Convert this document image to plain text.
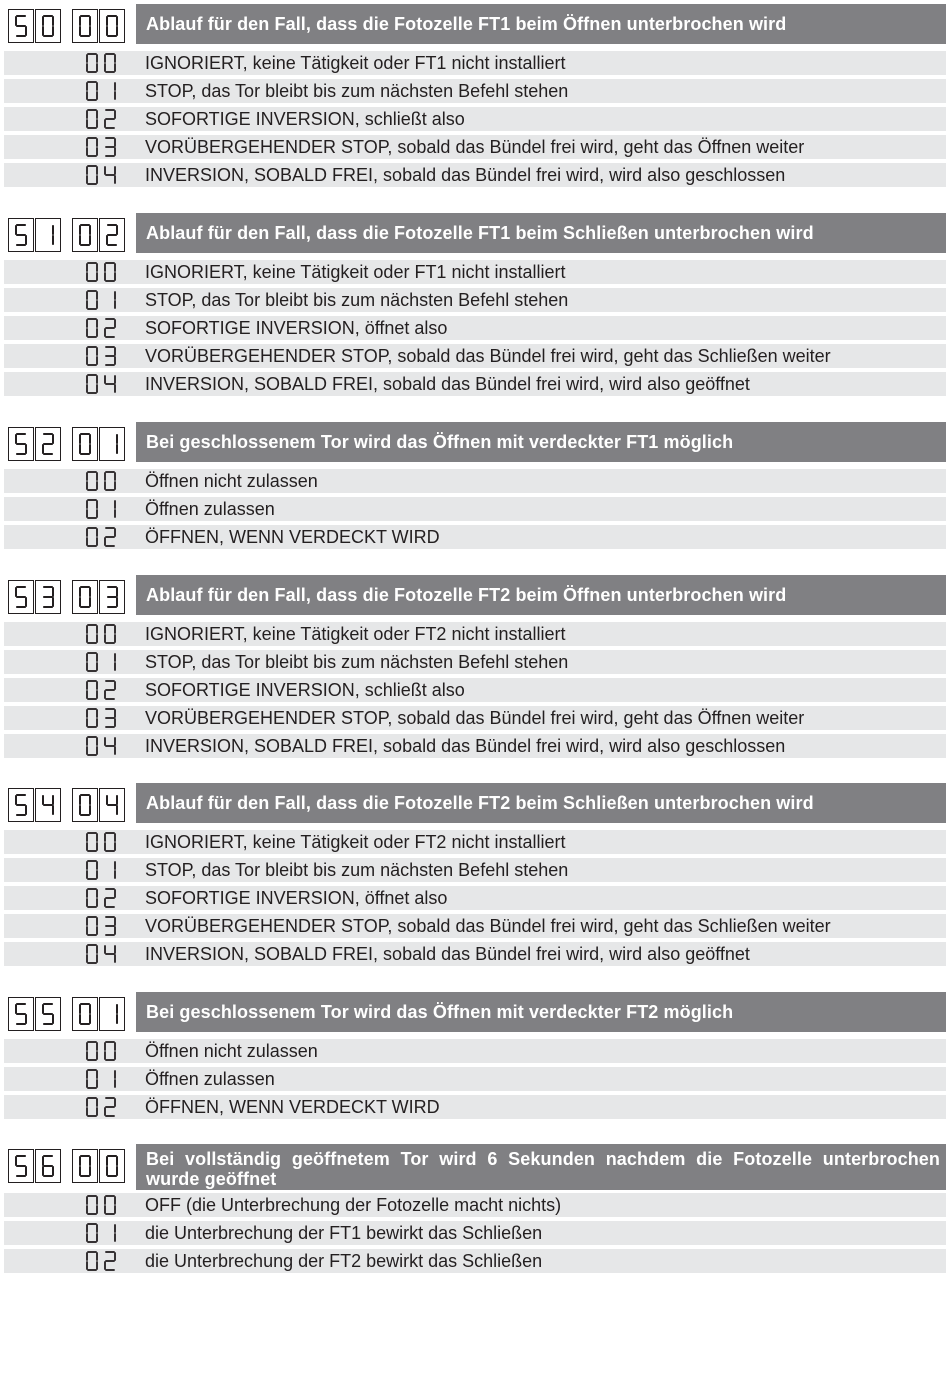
Ablauf für den Fall, dass die Fotozelle FT1 beim Öffnen unterbrochen wird
IGNORIERT, keine Tätigkeit oder FT1 nicht installiert
STOP, das Tor bleibt bis zum nächsten Befehl stehen
SOFORTIGE INVERSION, schließt also
VORÜBERGEHENDER STOP, sobald das Bündel frei wird, geht das Öffnen weiter
INVERSION, SOBALD FREI, sobald das Bündel frei wird, wird also geschlossen
Ablauf für den Fall, dass die Fotozelle FT1 beim Schließen unterbrochen wird
IGNORIERT, keine Tätigkeit oder FT1 nicht installiert
STOP, das Tor bleibt bis zum nächsten Befehl stehen
SOFORTIGE INVERSION, öffnet also
VORÜBERGEHENDER STOP, sobald das Bündel frei wird, geht das Schließen weiter
INVERSION, SOBALD FREI, sobald das Bündel frei wird, wird also geöffnet
Bei geschlossenem Tor wird das Öffnen mit verdeckter FT1 möglich
Öffnen nicht zulassen
Öffnen zulassen
ÖFFNEN, WENN VERDECKT WIRD
Ablauf für den Fall, dass die Fotozelle FT2 beim Öffnen unterbrochen wird
IGNORIERT, keine Tätigkeit oder FT2 nicht installiert
STOP, das Tor bleibt bis zum nächsten Befehl stehen
SOFORTIGE INVERSION, schließt also
VORÜBERGEHENDER STOP, sobald das Bündel frei wird, geht das Öffnen weiter
INVERSION, SOBALD FREI, sobald das Bündel frei wird, wird also geschlossen
Ablauf für den Fall, dass die Fotozelle FT2 beim Schließen unterbrochen wird
IGNORIERT, keine Tätigkeit oder FT2 nicht installiert
STOP, das Tor bleibt bis zum nächsten Befehl stehen
SOFORTIGE INVERSION, öffnet also
VORÜBERGEHENDER STOP, sobald das Bündel frei wird, geht das Schließen weiter
INVERSION, SOBALD FREI, sobald das Bündel frei wird, wird also geöffnet
Bei geschlossenem Tor wird das Öffnen mit verdeckter FT2 möglich
Öffnen nicht zulassen
Öffnen zulassen
ÖFFNEN, WENN VERDECKT WIRD
Bei vollständig geöffnetem Tor wird 6 Sekunden nachdem die Fotozelle unterbrochen wurde geöffnet
OFF (die Unterbrechung der Fotozelle macht nichts)
die Unterbrechung der FT1 bewirkt das Schließen
die Unterbrechung der FT2 bewirkt das Schließen
